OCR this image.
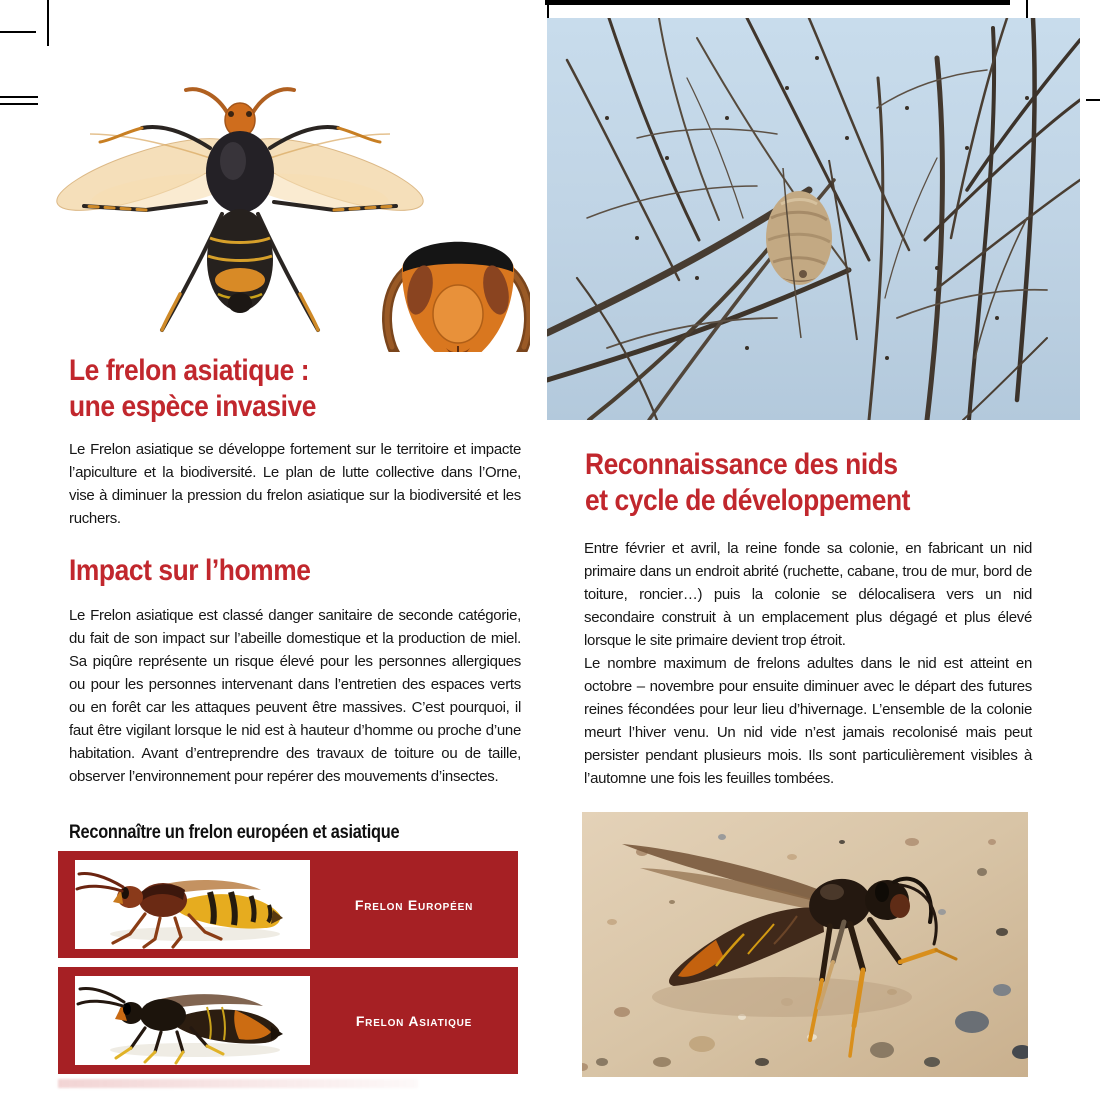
Le frelon asiatique :
une espèce invasive
Le Frelon asiatique se développe fortement sur le territoire et impacte l’apiculture et la biodiversité. Le plan de lutte collective dans l’Orne, vise à diminuer la pression du frelon asiatique sur la biodiversité et les ruchers.
Impact sur l’homme
Le Frelon asiatique est classé danger sanitaire de seconde catégorie, du fait de son impact sur l’abeille domestique et la production de miel. Sa piqûre représente un risque élevé pour les personnes allergiques ou pour les personnes intervenant dans l’entretien des espaces verts ou en forêt car les attaques peuvent être massives. C’est pourquoi, il faut être vigilant lorsque le nid est à hauteur d’homme ou proche d’une habitation. Avant d’entreprendre des travaux de toiture ou de taille, observer l’environnement pour repérer des mouvements d’insectes.
Reconnaître un frelon européen et asiatique
Frelon Européen
Frelon Asiatique
Reconnaissance des nids
et cycle de développement
Entre février et avril, la reine fonde sa colonie, en fabricant un nid primaire dans un endroit abrité (ruchette, cabane, trou de mur, bord de toiture, roncier…) puis la colonie se délocalisera vers un nid secondaire construit à un emplacement plus dégagé et plus élevé lorsque le site primaire devient trop étroit.
Le nombre maximum de frelons adultes dans le nid est atteint en octobre – novembre pour ensuite diminuer avec le départ des futures reines fécondées pour leur lieu d’hivernage. L’ensemble de la colonie meurt l’hiver venu. Un nid vide n’est jamais recolonisé mais peut persister pendant plusieurs mois. Ils sont particulièrement visibles à l’automne une fois les feuilles tombées.
